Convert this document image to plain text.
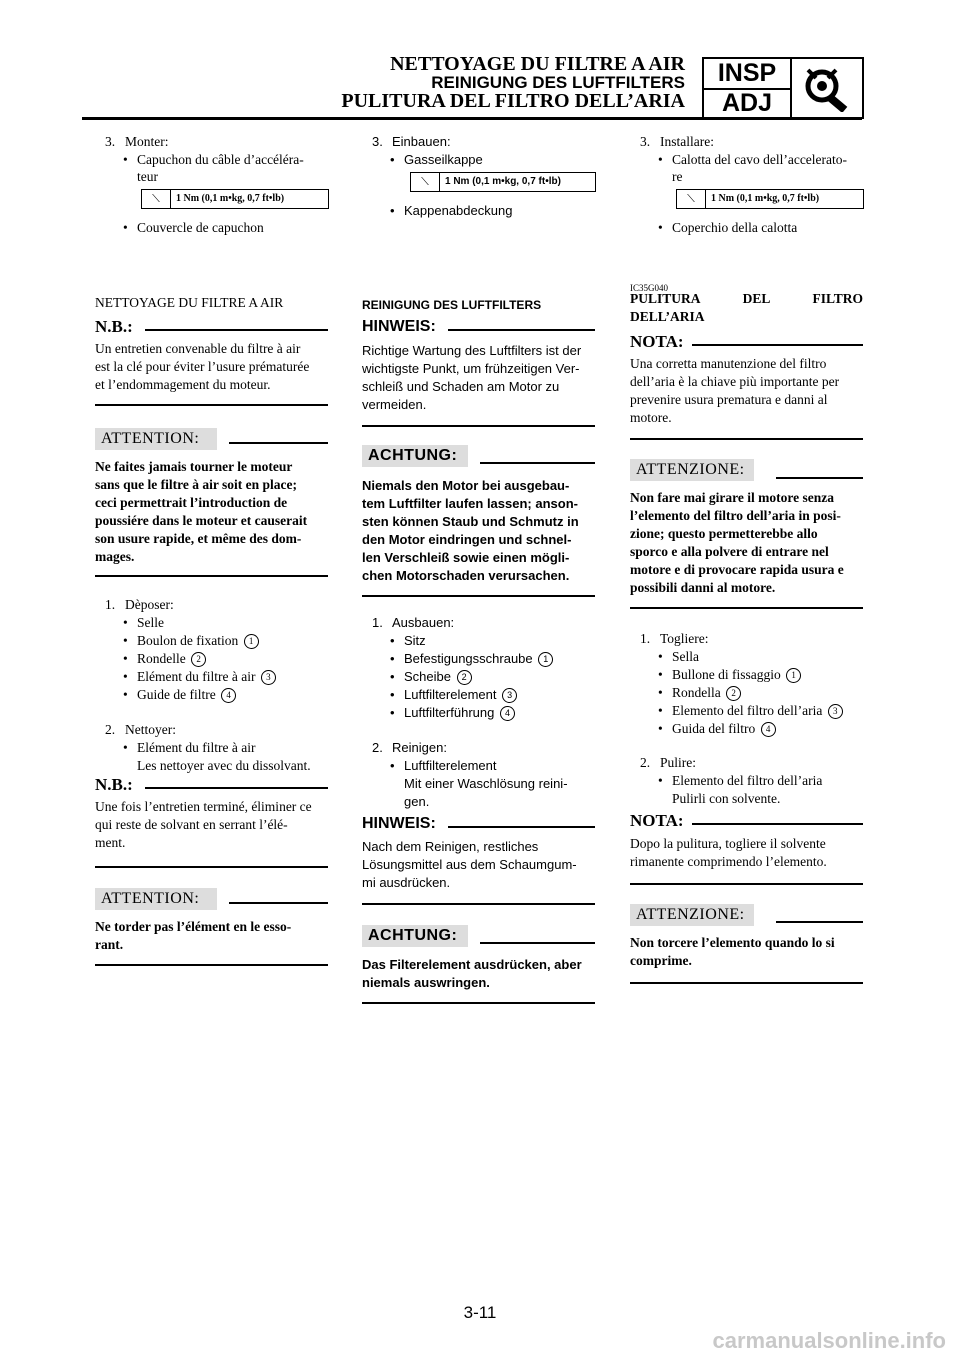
NETTOYAGE DU FILTRE A AIR
REINIGUNG DES LUFTFILTERS
PULITURA DEL FILTRO DELL’ARIA
INSP
ADJ
3. Monter:
• Capuchon du câble d’accéléra-
teur
⟍	1 Nm (0,1 m•kg, 0,7 ft•lb)
• Couvercle de capuchon
NETTOYAGE DU FILTRE A AIR
N.B.:
Un entretien convenable du filtre à air
est la clé pour éviter l’usure prématurée
et l’endommagement du moteur.
ATTENTION:
Ne faites jamais tourner le moteur
sans que le filtre à air soit en place;
ceci permettrait l’introduction de
poussiére dans le moteur et causerait
son usure rapide, et même des dom-
mages.
1. Dèposer:
• Selle
• Boulon de fixation 1
• Rondelle 2
• Elément du filtre à air 3
• Guide de filtre 4
2. Nettoyer:
• Elément du filtre à air
Les nettoyer avec du dissolvant.
N.B.:
Une fois l’entretien terminé, éliminer ce
qui reste de solvant en serrant l’élé-
ment.
ATTENTION:
Ne torder pas l’élément en le esso-
rant.
3. Einbauen:
• Gasseilkappe
⟍	1 Nm (0,1 m•kg, 0,7 ft•lb)
• Kappenabdeckung
REINIGUNG DES LUFTFILTERS
HINWEIS:
Richtige Wartung des Luftfilters ist der
wichtigste Punkt, um frühzeitigen Ver-
schleiß und Schaden am Motor zu
vermeiden.
ACHTUNG:
Niemals den Motor bei ausgebau-
tem Luftfilter laufen lassen; anson-
sten können Staub und Schmutz in
den Motor eindringen und schnel-
len Verschleiß sowie einen mögli-
chen Motorschaden verursachen.
1. Ausbauen:
• Sitz
• Befestigungsschraube 1
• Scheibe 2
• Luftfilterelement 3
• Luftfilterführung 4
2. Reinigen:
• Luftfilterelement
Mit einer Waschlösung reini-
gen.
HINWEIS:
Nach dem Reinigen, restliches
Lösungsmittel aus dem Schaumgum-
mi ausdrücken.
ACHTUNG:
Das Filterelement ausdrücken, aber
niemals auswringen.
3. Installare:
• Calotta del cavo dell’accelerato-
re
⟍	1 Nm (0,1 m•kg, 0,7 ft•lb)
• Coperchio della calotta
IC35G040
PULITURA DEL FILTRO
DELL’ARIA
NOTA:
Una corretta manutenzione del filtro
dell’aria è la chiave più importante per
prevenire usura prematura e danni al
motore.
ATTENZIONE:
Non fare mai girare il motore senza
l’elemento del filtro dell’aria in posi-
zione; questo permetterebbe allo
sporco e alla polvere di entrare nel
motore e di provocare rapida usura e
possibili danni al motore.
1. Togliere:
• Sella
• Bullone di fissaggio 1
• Rondella 2
• Elemento del filtro dell’aria 3
• Guida del filtro 4
2. Pulire:
• Elemento del filtro dell’aria
Pulirli con solvente.
NOTA:
Dopo la pulitura, togliere il solvente
rimanente comprimendo l’elemento.
ATTENZIONE:
Non torcere l’elemento quando lo si
comprime.
3-11
carmanualsonline.info
